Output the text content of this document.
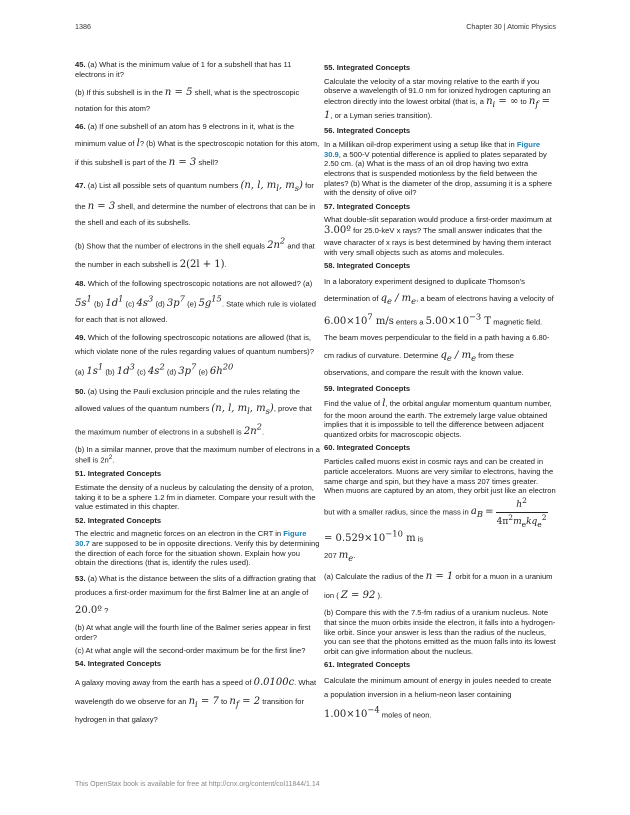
1386	Chapter 30 | Atomic Physics

45. (a) What is the minimum value of 1 for a subshell that has 11 electrons in it?

(b) If this subshell is in the n = 5 shell, what is the spectroscopic notation for this atom?

46. (a) If one subshell of an atom has 9 electrons in it, what is the minimum value of l? (b) What is the spectroscopic notation for this atom, if this subshell is part of the n = 3 shell?

47. (a) List all possible sets of quantum numbers (n, l, $m_l$, $m_s$) for the n = 3 shell, and determine the number of electrons that can be in the shell and each of its subshells.

(b) Show that the number of electrons in the shell equals $2n^2$ and that the number in each subshell is 2(2l + 1).

48. Which of the following spectroscopic notations are not allowed? (a) $5s^1$ (b) $1d^1$ (c) $4s^3$ (d) $3p^7$ (e) $5g^{15}$. State which rule is violated for each that is not allowed.

49. Which of the following spectroscopic notations are allowed (that is, which violate none of the rules regarding values of quantum numbers)? (a) $1s^1$ (b) $1d^3$ (c) $4s^2$ (d) $3p^7$ (e) $6h^{20}$

50. (a) Using the Pauli exclusion principle and the rules relating the allowed values of the quantum numbers (n, l, $m_l$, $m_s$), prove that the maximum number of electrons in a subshell is $2n^2$.

(b) In a similar manner, prove that the maximum number of electrons in a shell is $2n^2$.

51. Integrated Concepts

Estimate the density of a nucleus by calculating the density of a proton, taking it to be a sphere 1.2 fm in diameter. Compare your result with the value estimated in this chapter.

52. Integrated Concepts

The electric and magnetic forces on an electron in the CRT in Figure 30.7 are supposed to be in opposite directions. Verify this by determining the direction of each force for the situation shown. Explain how you obtain the directions (that is, identify the rules used).

53. (a) What is the distance between the slits of a diffraction grating that produces a first-order maximum for the first Balmer line at an angle of 20.0º ?

(b) At what angle will the fourth line of the Balmer series appear in first order?

(c) At what angle will the second-order maximum be for the first line?

54. Integrated Concepts

A galaxy moving away from the earth has a speed of 0.0100c. What wavelength do we observe for an $n_i = 7$ to $n_f = 2$ transition for hydrogen in that galaxy?

55. Integrated Concepts

Calculate the velocity of a star moving relative to the earth if you observe a wavelength of 91.0 nm for ionized hydrogen capturing an electron directly into the lowest orbital (that is, a $n_i$ = ∞ to $n_f = 1$, or a Lyman series transition).

56. Integrated Concepts

In a Millikan oil-drop experiment using a setup like that in Figure 30.9, a 500-V potential difference is applied to plates separated by 2.50 cm. (a) What is the mass of an oil drop having two extra electrons that is suspended motionless by the field between the plates? (b) What is the diameter of the drop, assuming it is a sphere with the density of olive oil?

57. Integrated Concepts

What double-slit separation would produce a first-order maximum at 3.00º for 25.0-keV x rays? The small answer indicates that the wave character of x rays is best determined by having them interact with very small objects such as atoms and molecules.

58. Integrated Concepts

In a laboratory experiment designed to duplicate Thomson's determination of $q_e / m_e$, a beam of electrons having a velocity of $6.00\times 10^7$ m/s enters a $5.00\times 10^{-3}$ T magnetic field. The beam moves perpendicular to the field in a path having a 6.80-cm radius of curvature. Determine $q_e / m_e$ from these observations, and compare the result with the known value.

59. Integrated Concepts

Find the value of l, the orbital angular momentum quantum number, for the moon around the earth. The extremely large value obtained implies that it is impossible to tell the difference between adjacent quantized orbits for macroscopic objects.

60. Integrated Concepts

Particles called muons exist in cosmic rays and can be created in particle accelerators. Muons are very similar to electrons, having the same charge and spin, but they have a mass 207 times greater. When muons are captured by an atom, they orbit just like an electron but with a smaller radius, since the mass in $a_B = \frac{h^2}{4\pi^2m_ekq_e^2}$
= $0.529\times 10^{-10}$ m is

207 $m_e$.

(a) Calculate the radius of the n = 1 orbit for a muon in a uranium ion ( Z = 92 ).

(b) Compare this with the 7.5-fm radius of a uranium nucleus. Note that since the muon orbits inside the electron, it falls into a hydrogen-like orbit. Since your answer is less than the radius of the nucleus, you can see that the photons emitted as the muon falls into its lowest orbit can give information about the nucleus.

61. Integrated Concepts

Calculate the minimum amount of energy in joules needed to create a population inversion in a helium-neon laser containing $1.00\times 10^{-4}$ moles of neon.

This OpenStax book is available for free at http://cnx.org/content/col11844/1.14
